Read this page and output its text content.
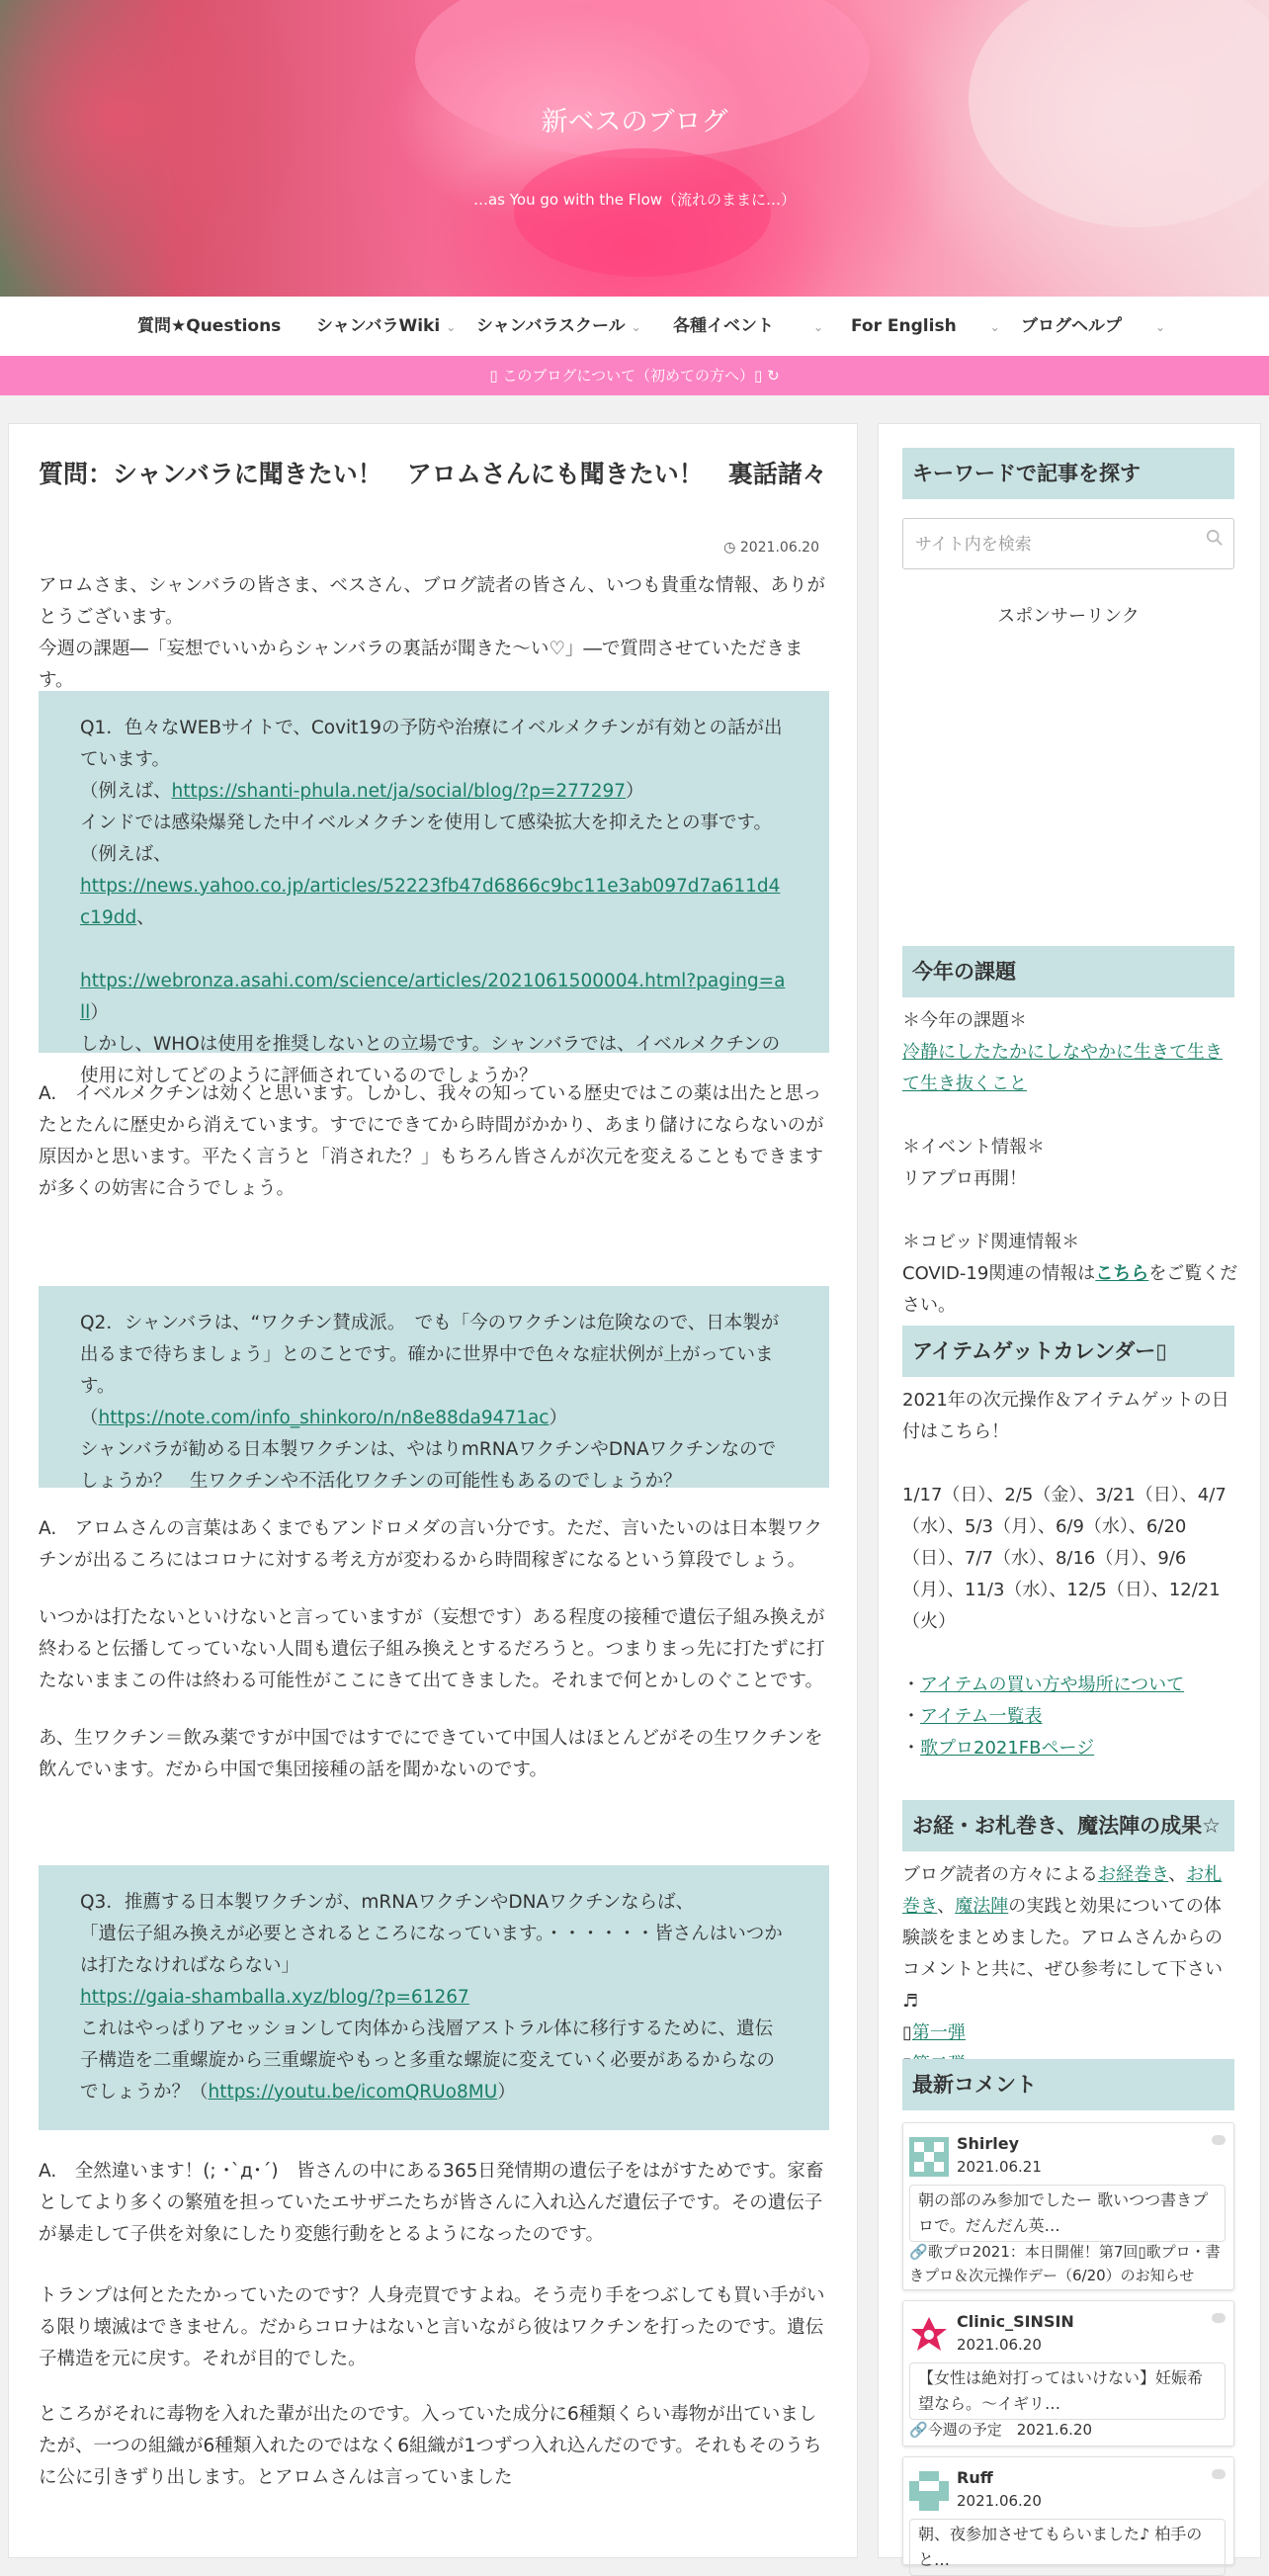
新ベスのブログ
…as You go with the Flow（流れのままに…）
質問★Questions シャンバラWiki ⌄ シャンバラスクール ⌄ 各種イベント	⌄ For English	⌄ ブログヘルプ	⌄
▯ このブログについて（初めての方へ）▯ ↻
質問：シャンバラに聞きたい！　アロムさんにも聞きたい！　裏話諸々
◷ 2021.06.20
アロムさま、シャンバラの皆さま、ベスさん、ブログ読者の皆さん、いつも貴重な情報、ありがとうございます。
今週の課題―「妄想でいいからシャンバラの裏話が聞きた〜い♡」―で質問させていただきます。
Q1．色々なWEBサイトで、Covit19の予防や治療にイベルメクチンが有効との話が出ています。
（例えば、https://shanti-phula.net/ja/social/blog/?p=277297）
インドでは感染爆発した中イベルメクチンを使用して感染拡大を抑えたとの事です。
（例えば、
https://news.yahoo.co.jp/articles/52223fb47d6866c9bc11e3ab097d7a611d4c19dd、
https://webronza.asahi.com/science/articles/2021061500004.html?paging=all）
しかし、WHOは使用を推奨しないとの立場です。シャンバラでは、イベルメクチンの使用に対してどのように評価されているのでしょうか？
A.　イベルメクチンは効くと思います。しかし、我々の知っている歴史ではこの薬は出たと思ったとたんに歴史から消えています。すでにできてから時間がかかり、あまり儲けにならないのが原因かと思います。平たく言うと「消された？」もちろん皆さんが次元を変えることもできますが多くの妨害に合うでしょう。
Q2．シャンバラは、“ワクチン賛成派。　でも「今のワクチンは危険なので、日本製が出るまで待ちましょう」とのことです。確かに世界中で色々な症状例が上がっています。
（https://note.com/info_shinkoro/n/n8e88da9471ac）
シャンバラが勧める日本製ワクチンは、やはりmRNAワクチンやDNAワクチンなのでしょうか？　生ワクチンや不活化ワクチンの可能性もあるのでしょうか？
A.　アロムさんの言葉はあくまでもアンドロメダの言い分です。ただ、言いたいのは日本製ワクチンが出るころにはコロナに対する考え方が変わるから時間稼ぎになるという算段でしょう。
いつかは打たないといけないと言っていますが（妄想です）ある程度の接種で遺伝子組み換えが終わると伝播してっていない人間も遺伝子組み換えとするだろうと。つまりまっ先に打たずに打たないままこの件は終わる可能性がここにきて出てきました。それまで何とかしのぐことです。
あ、生ワクチン＝飲み薬ですが中国ではすでにできていて中国人はほとんどがその生ワクチンを飲んでいます。だから中国で集団接種の話を聞かないのです。
Q3．推薦する日本製ワクチンが、mRNAワクチンやDNAワクチンならば、
「遺伝子組み換えが必要とされるところになっています。・・・・・・皆さんはいつかは打たなければならない」
https://gaia-shamballa.xyz/blog/?p=61267
これはやっぱりアセッションして肉体から浅層アストラル体に移行するために、遺伝子構造を二重螺旋から三重螺旋やもっと多重な螺旋に変えていく必要があるからなのでしょうか？（https://youtu.be/icomQRUo8MU）
A.　全然違います！(; ･`д･´)　皆さんの中にある365日発情期の遺伝子をはがすためです。家畜としてより多くの繁殖を担っていたエサザニたちが皆さんに入れ込んだ遺伝子です。その遺伝子が暴走して子供を対象にしたり変態行動をとるようになったのです。
トランプは何とたたかっていたのです？人身売買ですよね。そう売り手をつぶしても買い手がいる限り壊滅はできません。だからコロナはないと言いながら彼はワクチンを打ったのです。遺伝子構造を元に戻す。それが目的でした。
ところがそれに毒物を入れた輩が出たのです。入っていた成分に6種類くらい毒物が出ていましたが、一つの組織が6種類入れたのではなく6組織が1つずつ入れ込んだのです。それもそのうちに公に引きずり出します。とアロムさんは言っていました
キーワードで記事を探す
サイト内を検索
スポンサーリンク
今年の課題
＊今年の課題＊
冷静にしたたかにしなやかに生きて生きて生き抜くこと
＊イベント情報＊
リアプロ再開！
＊コビッド関連情報＊
COVID-19関連の情報はこちらをご覧ください。
アイテムゲットカレンダー▯
2021年の次元操作＆アイテムゲットの日付はこちら！
1/17（日）、2/5（金）、3/21（日）、4/7（水）、5/3（月）、6/9（水）、6/20（日）、7/7（水）、8/16（月）、9/6（月）、11/3（水）、12/5（日）、12/21（火）
・アイテムの買い方や場所について
・アイテム一覧表
・歌プロ2021FBページ
お経・お札巻き、魔法陣の成果☆
ブログ読者の方々によるお経巻き、お札巻き、魔法陣の実践と効果についての体験談をまとめました。アロムさんからのコメントと共に、ぜひ参考にして下さい♬
▯第一弾
最新コメント
Shirley
2021.06.21
朝の部のみ参加でしたー 歌いつつ書きプロで。だんだん英…
🔗歌プロ2021：本日開催！第7回▯歌プロ・書きプロ＆次元操作デー（6/20）のお知らせ
Clinic_SINSIN
2021.06.20
【女性は絶対打ってはいけない】妊娠希望なら。〜イギリ…
🔗今週の予定　2021.6.20
Ruff
2021.06.20
朝、夜参加させてもらいました♪ 柏手のと…
